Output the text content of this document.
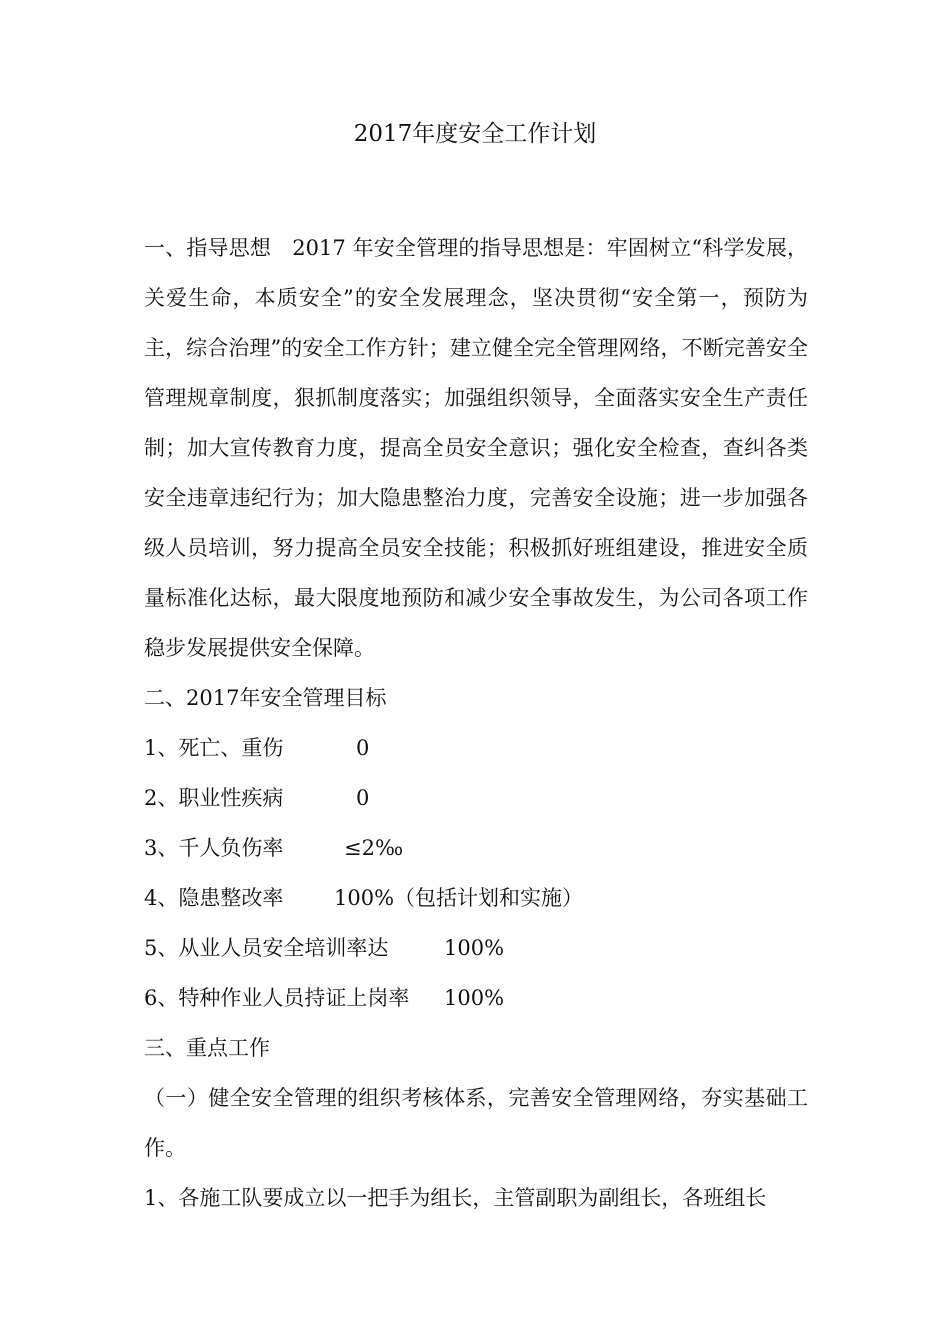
2017年度安全工作计划

一、指导思想　2017 年安全管理的指导思想是：牢固树立“科学发展，关爱生命，本质安全”的安全发展理念，坚决贯彻“安全第一，预防为主，综合治理”的安全工作方针；建立健全完全管理网络，不断完善安全管理规章制度，狠抓制度落实；加强组织领导，全面落实安全生产责任制；加大宣传教育力度，提高全员安全意识；强化安全检查，查纠各类安全违章违纪行为；加大隐患整治力度，完善安全设施；进一步加强各级人员培训，努力提高全员安全技能；积极抓好班组建设，推进安全质量标准化达标，最大限度地预防和减少安全事故发生，为公司各项工作稳步发展提供安全保障。

二、2017年安全管理目标

1、死亡、重伤	0
2、职业性疾病	0
3、千人负伤率	≤2‰
4、隐患整改率	100%（包括计划和实施）
5、从业人员安全培训率达	100%
6、特种作业人员持证上岗率	100%

三、重点工作

（一）健全安全管理的组织考核体系，完善安全管理网络，夯实基础工作。

1、各施工队要成立以一把手为组长，主管副职为副组长，各班组长
